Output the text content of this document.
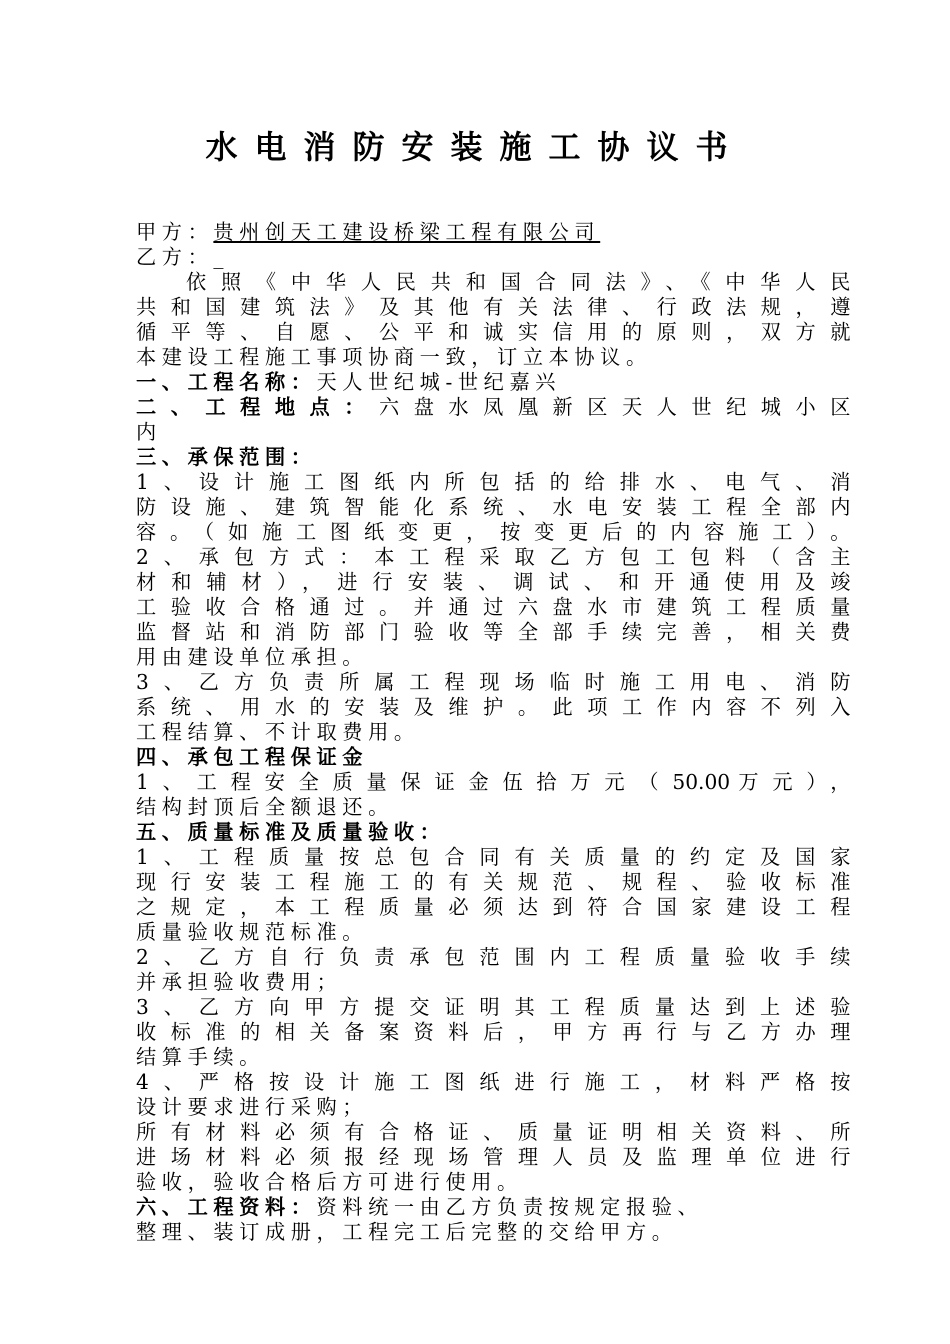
水电消防安装施工协议书
甲方：贵州创天工建设桥梁工程有限公司
乙方：_
依照《中华人民共和国合同法》、《中华人民
共和国建筑法》及其他有关法律、行政法规，遵
循平等、自愿、公平和诚实信用的原则，双方就
本建设工程施工事项协商一致，订立本协议。
一、工程名称：天人世纪城-世纪嘉兴
二、工程地点：六盘水凤凰新区天人世纪城小区
内
三、承保范围：
1、设计施工图纸内所包括的给排水、电气、消
防设施、建筑智能化系统、水电安装工程全部内
容。（如施工图纸变更，按变更后的内容施工）。
2、承包方式：本工程采取乙方包工包料（含主
材和辅材），进行安装、调试、和开通使用及竣
工验收合格通过。并通过六盘水市建筑工程质量
监督站和消防部门验收等全部手续完善，相关费
用由建设单位承担。
3、乙方负责所属工程现场临时施工用电、消防
系统、用水的安装及维护。此项工作内容不列入
工程结算、不计取费用。
四、承包工程保证金
1、工程安全质量保证金伍拾万元（50.00万元），
结构封顶后全额退还。
五、质量标准及质量验收：
1、工程质量按总包合同有关质量的约定及国家
现行安装工程施工的有关规范、规程、验收标准
之规定，本工程质量必须达到符合国家建设工程
质量验收规范标准。
2、乙方自行负责承包范围内工程质量验收手续
并承担验收费用；
3、乙方向甲方提交证明其工程质量达到上述验
收标准的相关备案资料后，甲方再行与乙方办理
结算手续。
4、严格按设计施工图纸进行施工，材料严格按
设计要求进行采购；
所有材料必须有合格证、质量证明相关资料、所
进场材料必须报经现场管理人员及监理单位进行
验收，验收合格后方可进行使用。
六、工程资料：资料统一由乙方负责按规定报验、
整理、装订成册，工程完工后完整的交给甲方。
